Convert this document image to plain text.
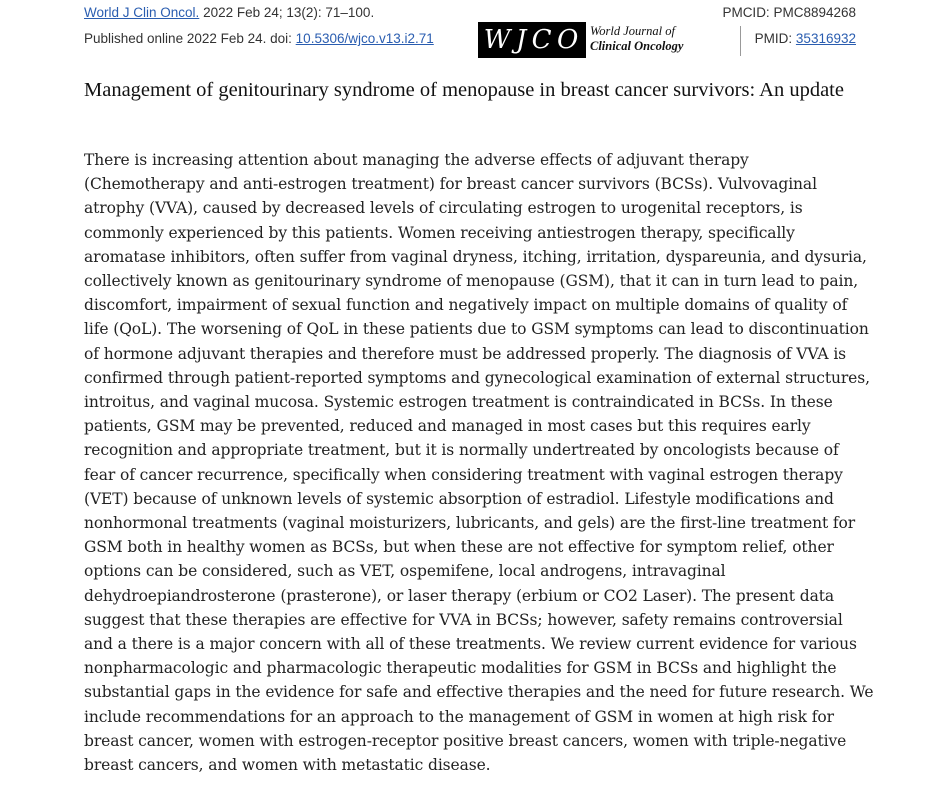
World J Clin Oncol. 2022 Feb 24; 13(2): 71–100.
Published online 2022 Feb 24. doi: 10.5306/wjco.v13.i2.71
PMCID: PMC8894268
PMID: 35316932
W J C O World Journal of
Clinical Oncology
Management of genitourinary syndrome of menopause in breast cancer survivors: An update

There is increasing attention about managing the adverse effects of adjuvant therapy (Chemotherapy and anti-estrogen treatment) for breast cancer survivors (BCSs). Vulvovaginal atrophy (VVA), caused by decreased levels of circulating estrogen to urogenital receptors, is commonly experienced by this patients. Women receiving antiestrogen therapy, specifically aromatase inhibitors, often suffer from vaginal dryness, itching, irritation, dyspareunia, and dysuria, collectively known as genitourinary syndrome of menopause (GSM), that it can in turn lead to pain, discomfort, impairment of sexual function and negatively impact on multiple domains of quality of life (QoL). The worsening of QoL in these patients due to GSM symptoms can lead to discontinuation of hormone adjuvant therapies and therefore must be addressed properly. The diagnosis of VVA is confirmed through patient-reported symptoms and gynecological examination of external structures, introitus, and vaginal mucosa. Systemic estrogen treatment is contraindicated in BCSs. In these patients, GSM may be prevented, reduced and managed in most cases but this requires early recognition and appropriate treatment, but it is normally undertreated by oncologists because of fear of cancer recurrence, specifically when considering treatment with vaginal estrogen therapy (VET) because of unknown levels of systemic absorption of estradiol. Lifestyle modifications and nonhormonal treatments (vaginal moisturizers, lubricants, and gels) are the first-line treatment for GSM both in healthy women as BCSs, but when these are not effective for symptom relief, other options can be considered, such as VET, ospemifene, local androgens, intravaginal dehydroepiandrosterone (prasterone), or laser therapy (erbium or CO2 Laser). The present data suggest that these therapies are effective for VVA in BCSs; however, safety remains controversial and a there is a major concern with all of these treatments. We review current evidence for various nonpharmacologic and pharmacologic therapeutic modalities for GSM in BCSs and highlight the substantial gaps in the evidence for safe and effective therapies and the need for future research. We include recommendations for an approach to the management of GSM in women at high risk for breast cancer, women with estrogen-receptor positive breast cancers, women with triple-negative breast cancers, and women with metastatic disease.
